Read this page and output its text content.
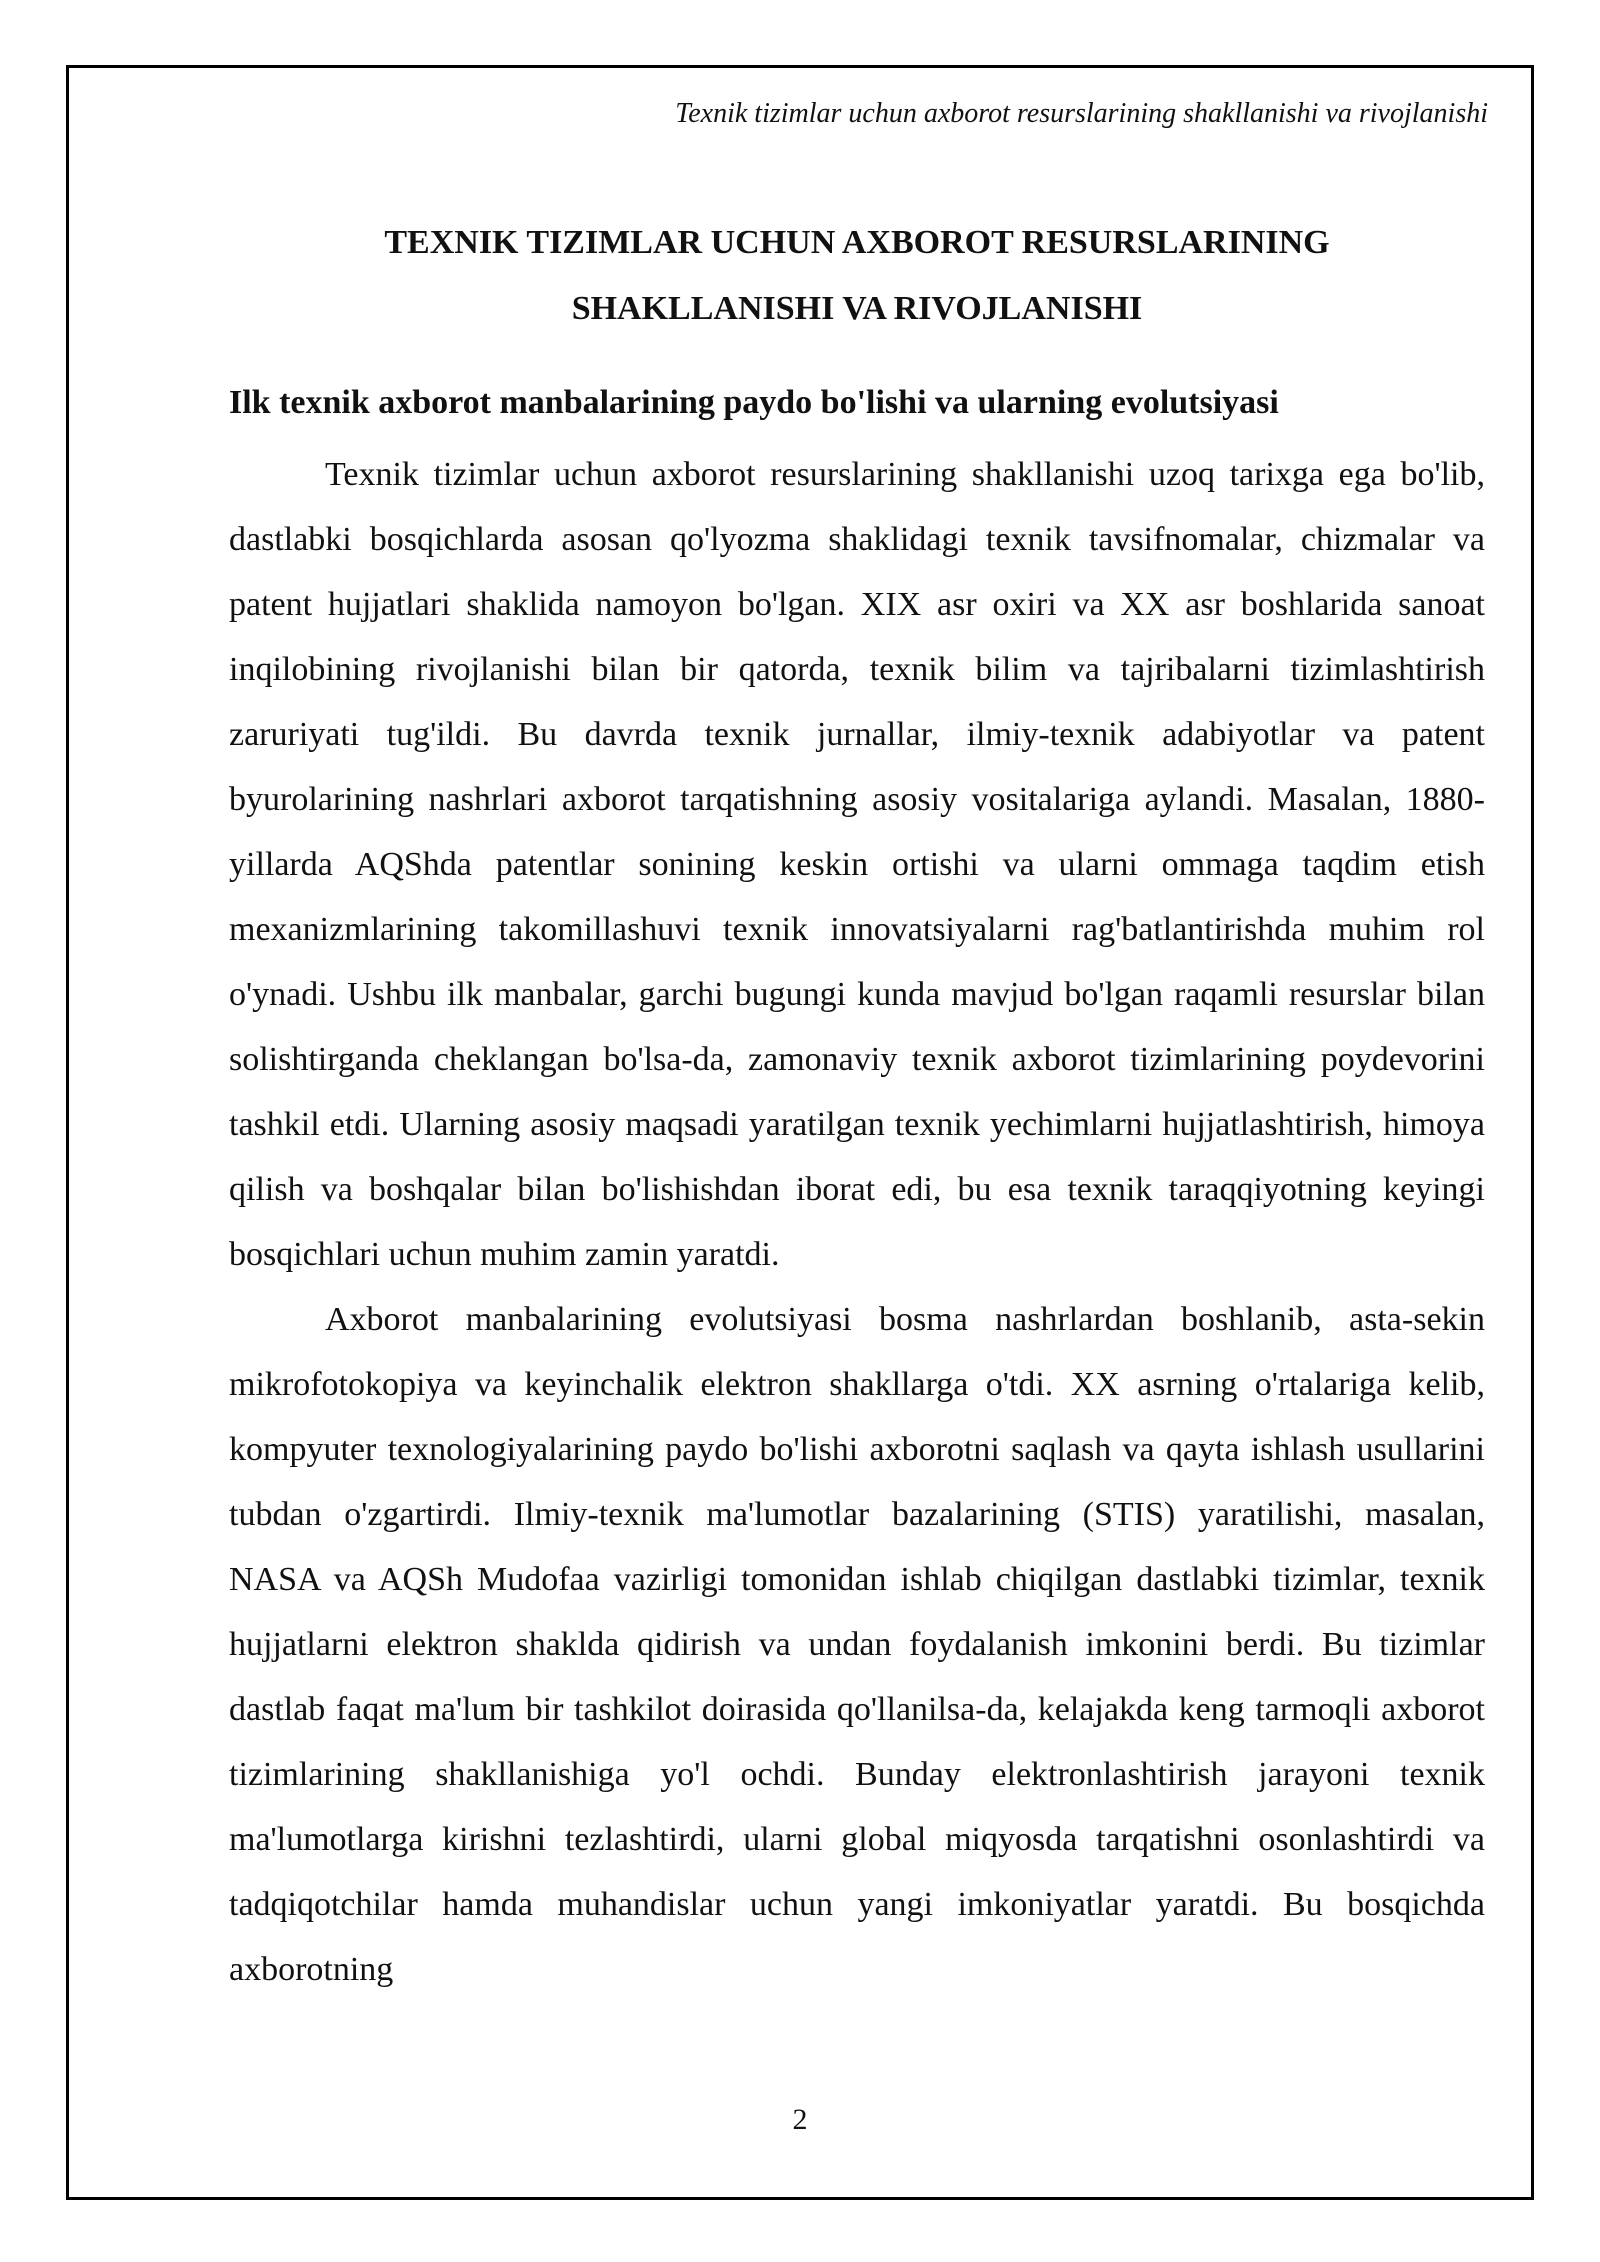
Texnik tizimlar uchun axborot resurslarining shakllanishi va rivojlanishi
TEXNIK TIZIMLAR UCHUN AXBOROT RESURSLARINING
SHAKLLANISHI VA RIVOJLANISHI
Ilk texnik axborot manbalarining paydo bo'lishi va ularning evolutsiyasi

Texnik tizimlar uchun axborot resurslarining shakllanishi uzoq tarixga ega bo'lib, dastlabki bosqichlarda asosan qo'lyozma shaklidagi texnik tavsifnomalar, chizmalar va patent hujjatlari shaklida namoyon bo'lgan. XIX asr oxiri va XX asr boshlarida sanoat inqilobining rivojlanishi bilan bir qatorda, texnik bilim va tajribalarni tizimlashtirish zaruriyati tug'ildi. Bu davrda texnik jurnallar, ilmiy-texnik adabiyotlar va patent byurolarining nashrlari axborot tarqatishning asosiy vositalariga aylandi. Masalan, 1880-yillarda AQShda patentlar sonining keskin ortishi va ularni ommaga taqdim etish mexanizmlarining takomillashuvi texnik innovatsiyalarni rag'batlantirishda muhim rol o'ynadi. Ushbu ilk manbalar, garchi bugungi kunda mavjud bo'lgan raqamli resurslar bilan solishtirganda cheklangan bo'lsa-da, zamonaviy texnik axborot tizimlarining poydevorini tashkil etdi. Ularning asosiy maqsadi yaratilgan texnik yechimlarni hujjatlashtirish, himoya qilish va boshqalar bilan bo'lishishdan iborat edi, bu esa texnik taraqqiyotning keyingi bosqichlari uchun muhim zamin yaratdi.

Axborot manbalarining evolutsiyasi bosma nashrlardan boshlanib, asta-sekin mikrofotokopiya va keyinchalik elektron shakllarga o'tdi. XX asrning o'rtalariga kelib, kompyuter texnologiyalarining paydo bo'lishi axborotni saqlash va qayta ishlash usullarini tubdan o'zgartirdi. Ilmiy-texnik ma'lumotlar bazalarining (STIS) yaratilishi, masalan, NASA va AQSh Mudofaa vazirligi tomonidan ishlab chiqilgan dastlabki tizimlar, texnik hujjatlarni elektron shaklda qidirish va undan foydalanish imkonini berdi. Bu tizimlar dastlab faqat ma'lum bir tashkilot doirasida qo'llanilsa-da, kelajakda keng tarmoqli axborot tizimlarining shakllanishiga yo'l ochdi. Bunday elektronlashtirish jarayoni texnik ma'lumotlarga kirishni tezlashtirdi, ularni global miqyosda tarqatishni osonlashtirdi va tadqiqotchilar hamda muhandislar uchun yangi imkoniyatlar yaratdi. Bu bosqichda axborotning

2
